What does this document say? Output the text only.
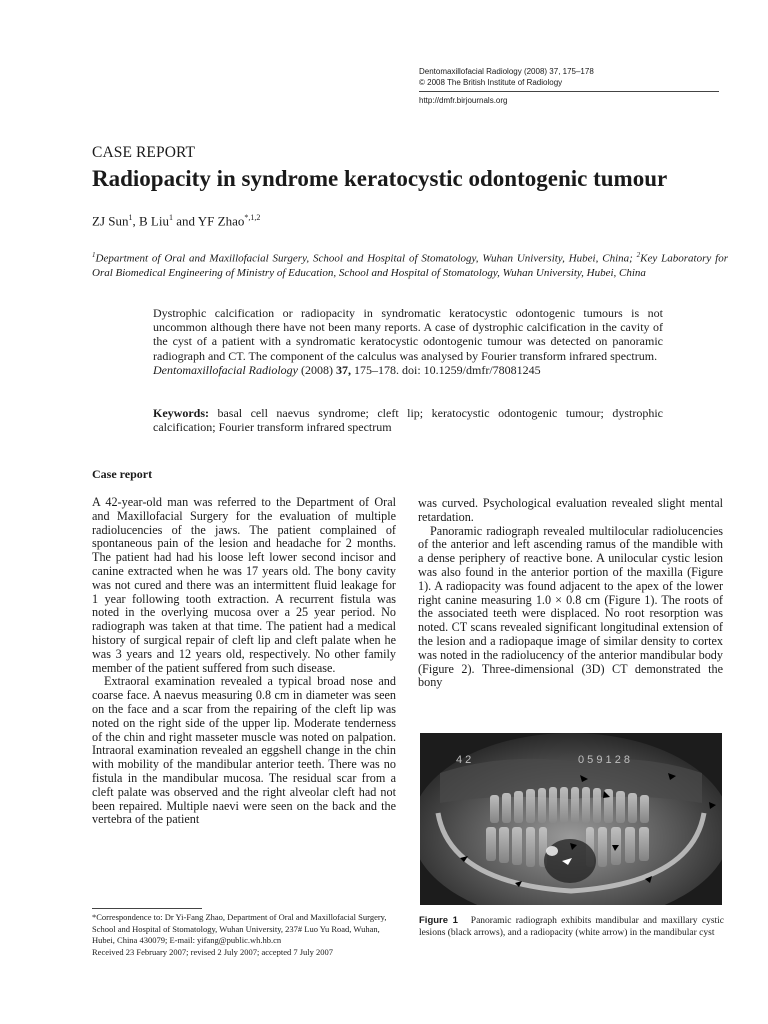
Dentomaxillofacial Radiology (2008) 37, 175–178
© 2008 The British Institute of Radiology
http://dmfr.birjournals.org
CASE REPORT
Radiopacity in syndrome keratocystic odontogenic tumour
ZJ Sun$^1$, B Liu$^1$ and YF Zhao$^{*,1,2}$
$^1$Department of Oral and Maxillofacial Surgery, School and Hospital of Stomatology, Wuhan University, Hubei, China; $^2$Key Laboratory for Oral Biomedical Engineering of Ministry of Education, School and Hospital of Stomatology, Wuhan University, Hubei, China
Dystrophic calcification or radiopacity in syndromatic keratocystic odontogenic tumours is not uncommon although there have not been many reports. A case of dystrophic calcification in the cavity of the cyst of a patient with a syndromatic keratocystic odontogenic tumour was detected on panoramic radiograph and CT. The component of the calculus was analysed by Fourier transform infrared spectrum.
Dentomaxillofacial Radiology (2008) 37, 175–178. doi: 10.1259/dmfr/78081245
Keywords: basal cell naevus syndrome; cleft lip; keratocystic odontogenic tumour; dystrophic calcification; Fourier transform infrared spectrum
Case report

A 42-year-old man was referred to the Department of Oral and Maxillofacial Surgery for the evaluation of multiple radiolucencies of the jaws. The patient complained of spontaneous pain of the lesion and headache for 2 months. The patient had had his loose left lower second incisor and canine extracted when he was 17 years old. The bony cavity was not cured and there was an intermittent fluid leakage for 1 year following tooth extraction. A recurrent fistula was noted in the overlying mucosa over a 25 year period. No radiograph was taken at that time. The patient had a medical history of surgical repair of cleft lip and cleft palate when he was 3 years and 12 years old, respectively. No other family member of the patient suffered from such disease.

Extraoral examination revealed a typical broad nose and coarse face. A naevus measuring 0.8 cm in diameter was seen on the face and a scar from the repairing of the cleft lip was noted on the right side of the upper lip. Moderate tenderness of the chin and right masseter muscle was noted on palpation. Intraoral examination revealed an eggshell change in the chin with mobility of the mandibular anterior teeth. There was no fistula in the mandibular mucosa. The residual scar from a cleft palate was observed and the right alveolar cleft had not been repaired. Multiple naevi were seen on the back and the vertebra of the patient

was curved. Psychological evaluation revealed slight mental retardation.

Panoramic radiograph revealed multilocular radiolucencies of the anterior and left ascending ramus of the mandible with a dense periphery of reactive bone. A unilocular cystic lesion was also found in the anterior portion of the maxilla (Figure 1). A radiopacity was found adjacent to the apex of the lower right canine measuring 1.0 × 0.8 cm (Figure 1). The roots of the associated teeth were displaced. No root resorption was noted. CT scans revealed significant longitudinal extension of the lesion and a radiopaque image of similar density to cortex was noted in the radiolucency of the anterior mandibular body (Figure 2). Three-dimensional (3D) CT demonstrated the bony

4 2	0 5 9 1 2 8
Figure 1 Panoramic radiograph exhibits mandibular and maxillary cystic lesions (black arrows), and a radiopacity (white arrow) in the mandibular cyst
*Correspondence to: Dr Yi-Fang Zhao, Department of Oral and Maxillofacial Surgery, School and Hospital of Stomatology, Wuhan University, 237# Luo Yu Road, Wuhan, Hubei, China 430079; E-mail: yifang@public.wh.hb.cn
Received 23 February 2007; revised 2 July 2007; accepted 7 July 2007
